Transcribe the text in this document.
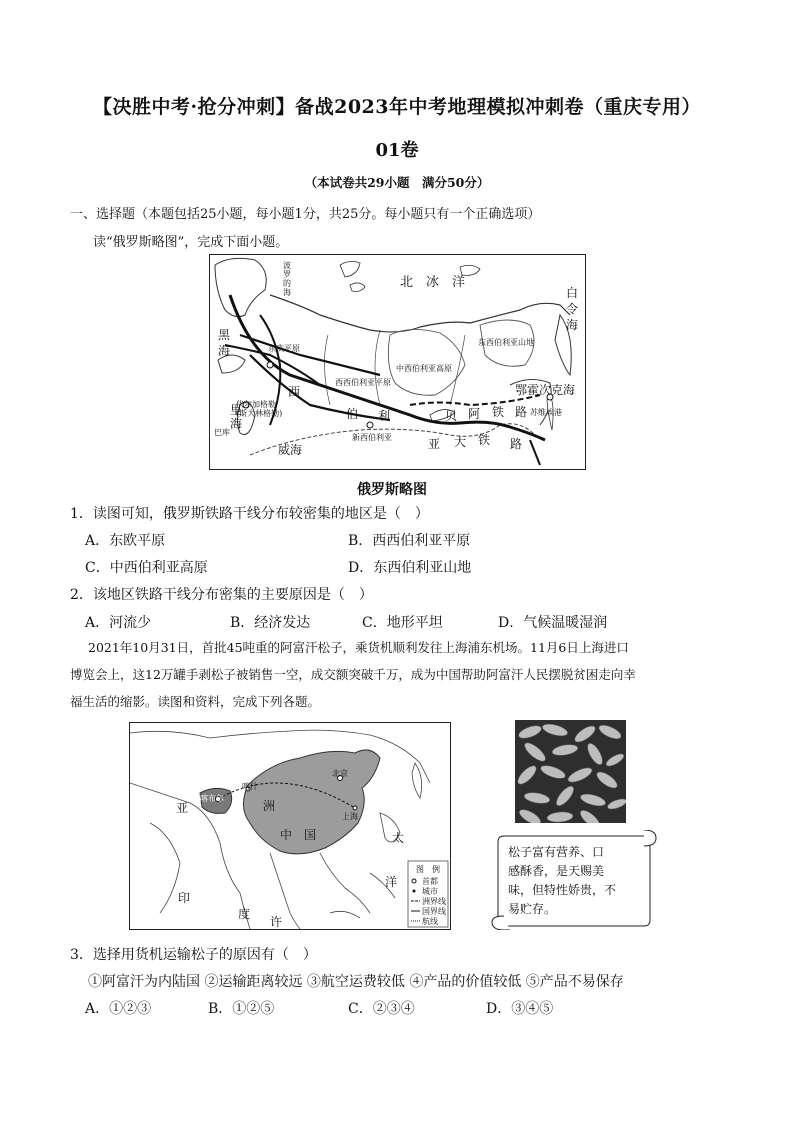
【决胜中考·抢分冲刺】备战2023年中考地理模拟冲刺卷（重庆专用）
01卷
（本试卷共29小题　满分50分）
一、选择题（本题包括25小题，每小题1分，共25分。每小题只有一个正确选项）
读“俄罗斯略图”，完成下面小题。
北　冰　洋
白
令
海
鄂霍次克海
苏维埃港
黑
海
波
罗
的
海
东欧平原
西西伯利亚平原
中西伯利亚高原
东西伯利亚山地
伏尔加格勒
(斯大林格勒)
巴库
里
海
新西伯利亚
西
伯 利
亚 大 铁 路
贝 阿 铁 路
威海
俄罗斯略图
1．读图可知，俄罗斯铁路干线分布较密集的地区是（　）
A．东欧平原	B．西西伯利亚平原
C．中西伯利亚高原	D．东西伯利亚山地
2．该地区铁路干线分布密集的主要原因是（　）
A．河流少	B．经济发达	C．地形平坦	D．气候温暖湿润
2021年10月31日，首批45吨重的阿富汗松子，乘货机顺利发往上海浦东机场。11月6日上海进口
博览会上，这12万罐手剥松子被销售一空，成交额突破千万，成为中国帮助阿富汗人民摆脱贫困走向幸
福生活的缩影。读图和资料，完成下列各题。
亚	洲
中　国	太
印
度
许
洋
喀布尔
喀什
北京
上海
图　例
首都
城市
洲界线
国界线
航线
松子富有营养、口
感酥香，是天赐美
味，但特性娇贵，不
易贮存。
3．选择用货机运输松子的原因有（　）
①阿富汗为内陆国 ②运输距离较远 ③航空运费较低 ④产品的价值较低 ⑤产品不易保存
A．①②③	B．①②⑤	C．②③④	D．③④⑤
